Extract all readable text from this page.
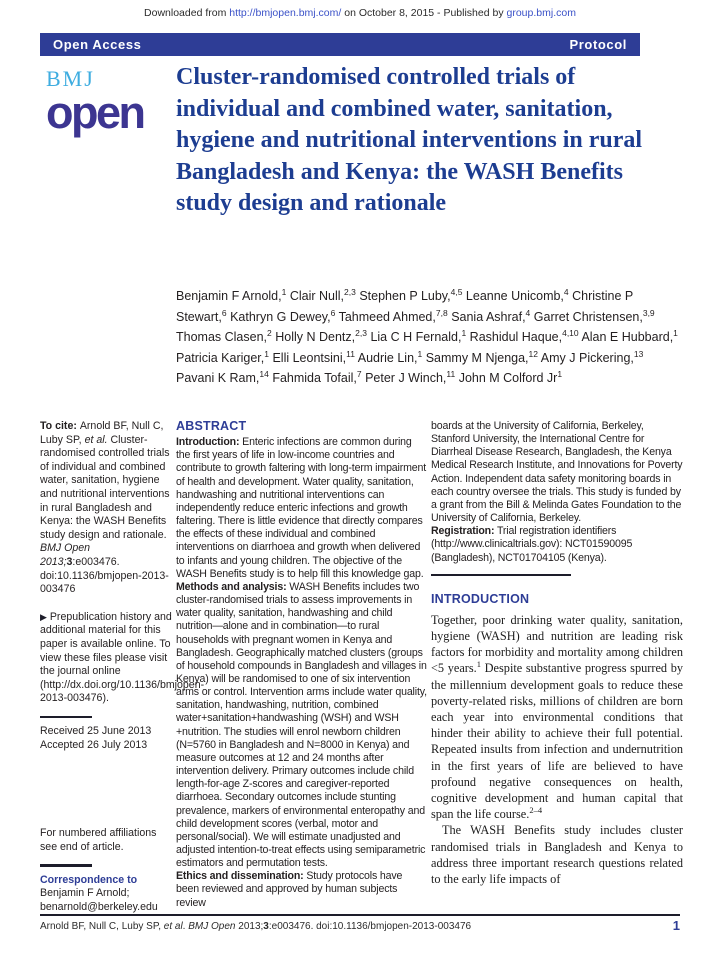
Downloaded from http://bmjopen.bmj.com/ on October 8, 2015 - Published by group.bmj.com
Open Access	Protocol
BMJ
open
Cluster-randomised controlled trials of individual and combined water, sanitation, hygiene and nutritional interventions in rural Bangladesh and Kenya: the WASH Benefits study design and rationale
Benjamin F Arnold,$^1$ Clair Null,$^{2,3}$ Stephen P Luby,$^{4,5}$ Leanne Unicomb,$^4$ Christine P Stewart,$^6$ Kathryn G Dewey,$^6$ Tahmeed Ahmed,$^{7,8}$ Sania Ashraf,$^4$ Garret Christensen,$^{3,9}$ Thomas Clasen,$^2$ Holly N Dentz,$^{2,3}$ Lia C H Fernald,$^1$ Rashidul Haque,$^{4,10}$ Alan E Hubbard,$^1$ Patricia Kariger,$^1$ Elli Leontsini,$^{11}$ Audrie Lin,$^1$ Sammy M Njenga,$^{12}$ Amy J Pickering,$^{13}$ Pavani K Ram,$^{14}$ Fahmida Tofail,$^7$ Peter J Winch,$^{11}$ John M Colford Jr$^1$
To cite: Arnold BF, Null C, Luby SP, et al. Cluster-randomised controlled trials of individual and combined water, sanitation, hygiene and nutritional interventions in rural Bangladesh and Kenya: the WASH Benefits study design and rationale. BMJ Open 2013;3:e003476. doi:10.1136/bmjopen-2013-003476
▶ Prepublication history and additional material for this paper is available online. To view these files please visit the journal online (http://dx.doi.org/10.1136/bmjopen-2013-003476).
Received 25 June 2013
Accepted 26 July 2013
For numbered affiliations see end of article.
Correspondence to
Benjamin F Arnold;
benarnold@berkeley.edu
ABSTRACT

Introduction: Enteric infections are common during the first years of life in low-income countries and contribute to growth faltering with long-term impairment of health and development. Water quality, sanitation, handwashing and nutritional interventions can independently reduce enteric infections and growth faltering. There is little evidence that directly compares the effects of these individual and combined interventions on diarrhoea and growth when delivered to infants and young children. The objective of the WASH Benefits study is to help fill this knowledge gap.

Methods and analysis: WASH Benefits includes two cluster-randomised trials to assess improvements in water quality, sanitation, handwashing and child nutrition—alone and in combination—to rural households with pregnant women in Kenya and Bangladesh. Geographically matched clusters (groups of household compounds in Bangladesh and villages in Kenya) will be randomised to one of six intervention arms or control. Intervention arms include water quality, sanitation, handwashing, nutrition, combined water+sanitation+handwashing (WSH) and WSH +nutrition. The studies will enrol newborn children (N=5760 in Bangladesh and N=8000 in Kenya) and measure outcomes at 12 and 24 months after intervention delivery. Primary outcomes include child length-for-age Z-scores and caregiver-reported diarrhoea. Secondary outcomes include stunting prevalence, markers of environmental enteropathy and child development scores (verbal, motor and personal/social). We will estimate unadjusted and adjusted intention-to-treat effects using semiparametric estimators and permutation tests.

Ethics and dissemination: Study protocols have been reviewed and approved by human subjects review

boards at the University of California, Berkeley, Stanford University, the International Centre for Diarrheal Disease Research, Bangladesh, the Kenya Medical Research Institute, and Innovations for Poverty Action. Independent data safety monitoring boards in each country oversee the trials. This study is funded by a grant from the Bill & Melinda Gates Foundation to the University of California, Berkeley.

Registration: Trial registration identifiers (http://www.clinicaltrials.gov): NCT01590095 (Bangladesh), NCT01704105 (Kenya).

INTRODUCTION

Together, poor drinking water quality, sanitation, hygiene (WASH) and nutrition are leading risk factors for morbidity and mortality among children <5 years.$^1$ Despite substantive progress spurred by the millennium development goals to reduce these poverty-related risks, millions of children are born each year into environmental conditions that hinder their ability to achieve their full potential. Repeated insults from infection and undernutrition in the first years of life are believed to have profound negative consequences on health, cognitive development and human capital that span the life course.$^{2-4}$

The WASH Benefits study includes cluster randomised trials in Bangladesh and Kenya to address three important research questions related to the early life impacts of

Arnold BF, Null C, Luby SP, et al. BMJ Open 2013;3:e003476. doi:10.1136/bmjopen-2013-003476	1
